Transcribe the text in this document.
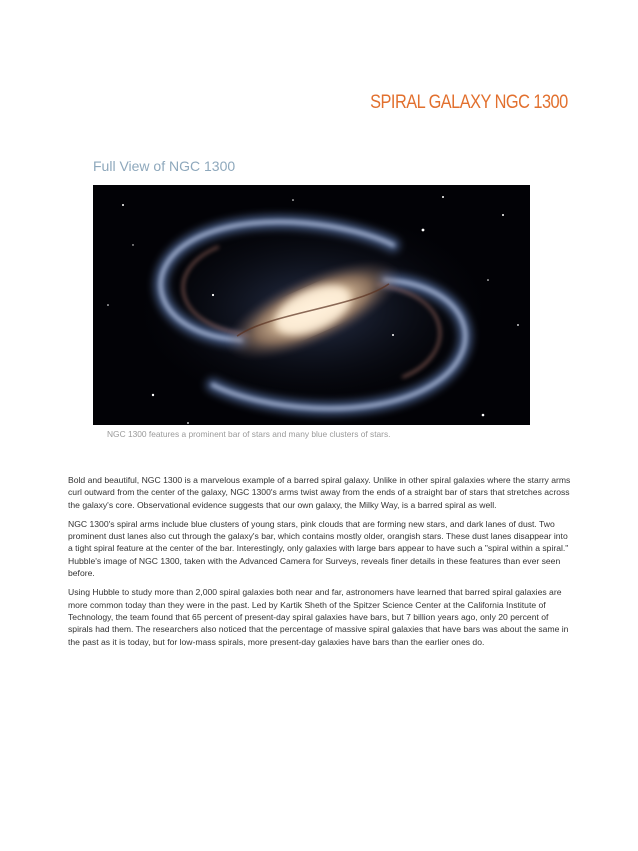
SPIRAL GALAXY NGC 1300
Full View of NGC 1300
NGC 1300 features a prominent bar of stars and many blue clusters of stars.

Bold and beautiful, NGC 1300 is a marvelous example of a barred spiral galaxy. Unlike in other spiral galaxies where the starry arms curl outward from the center of the galaxy, NGC 1300's arms twist away from the ends of a straight bar of stars that stretches across the galaxy's core. Observational evidence suggests that our own galaxy, the Milky Way, is a barred spiral as well.

NGC 1300's spiral arms include blue clusters of young stars, pink clouds that are forming new stars, and dark lanes of dust. Two prominent dust lanes also cut through the galaxy's bar, which contains mostly older, orangish stars. These dust lanes disappear into a tight spiral feature at the center of the bar. Interestingly, only galaxies with large bars appear to have such a "spiral within a spiral." Hubble's image of NGC 1300, taken with the Advanced Camera for Surveys, reveals finer details in these features than ever seen before.

Using Hubble to study more than 2,000 spiral galaxies both near and far, astronomers have learned that barred spiral galaxies are more common today than they were in the past. Led by Kartik Sheth of the Spitzer Science Center at the California Institute of Technology, the team found that 65 percent of present-day spiral galaxies have bars, but 7 billion years ago, only 20 percent of spirals had them. The researchers also noticed that the percentage of massive spiral galaxies that have bars was about the same in the past as it is today, but for low-mass spirals, more present-day galaxies have bars than the earlier ones do.
